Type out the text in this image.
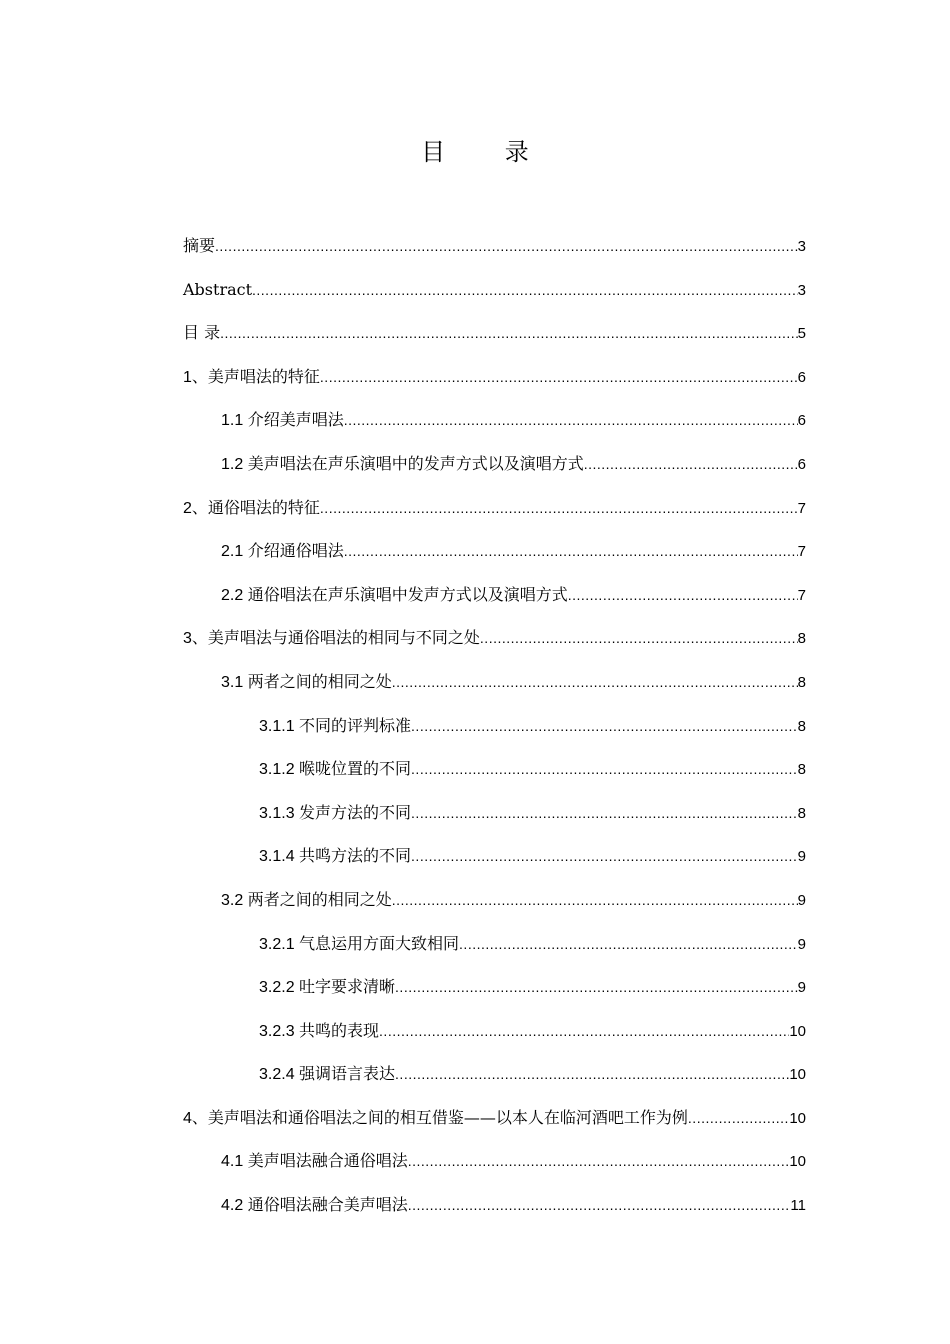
目 录
摘要 .....	3
Abstract .....	3
目 录 .....	5
1、美声唱法的特征 .....	6
1.1 介绍美声唱法 .....	6
1.2 美声唱法在声乐演唱中的发声方式以及演唱方式 .....	6
2、通俗唱法的特征 .....	7
2.1 介绍通俗唱法 .....	7
2.2 通俗唱法在声乐演唱中发声方式以及演唱方式 .....	7
3、美声唱法与通俗唱法的相同与不同之处 .....	8
3.1 两者之间的相同之处 .....	8
3.1.1 不同的评判标准 .....	8
3.1.2 喉咙位置的不同 .....	8
3.1.3 发声方法的不同 .....	8
3.1.4 共鸣方法的不同 .....	9
3.2 两者之间的相同之处 .....	9
3.2.1 气息运用方面大致相同 .....	9
3.2.2 吐字要求清晰 .....	9
3.2.3 共鸣的表现 .....	10
3.2.4 强调语言表达 .....	10
4、美声唱法和通俗唱法之间的相互借鉴——以本人在临河酒吧工作为例 .....	10
4.1 美声唱法融合通俗唱法 .....	10
4.2 通俗唱法融合美声唱法 .....	11
